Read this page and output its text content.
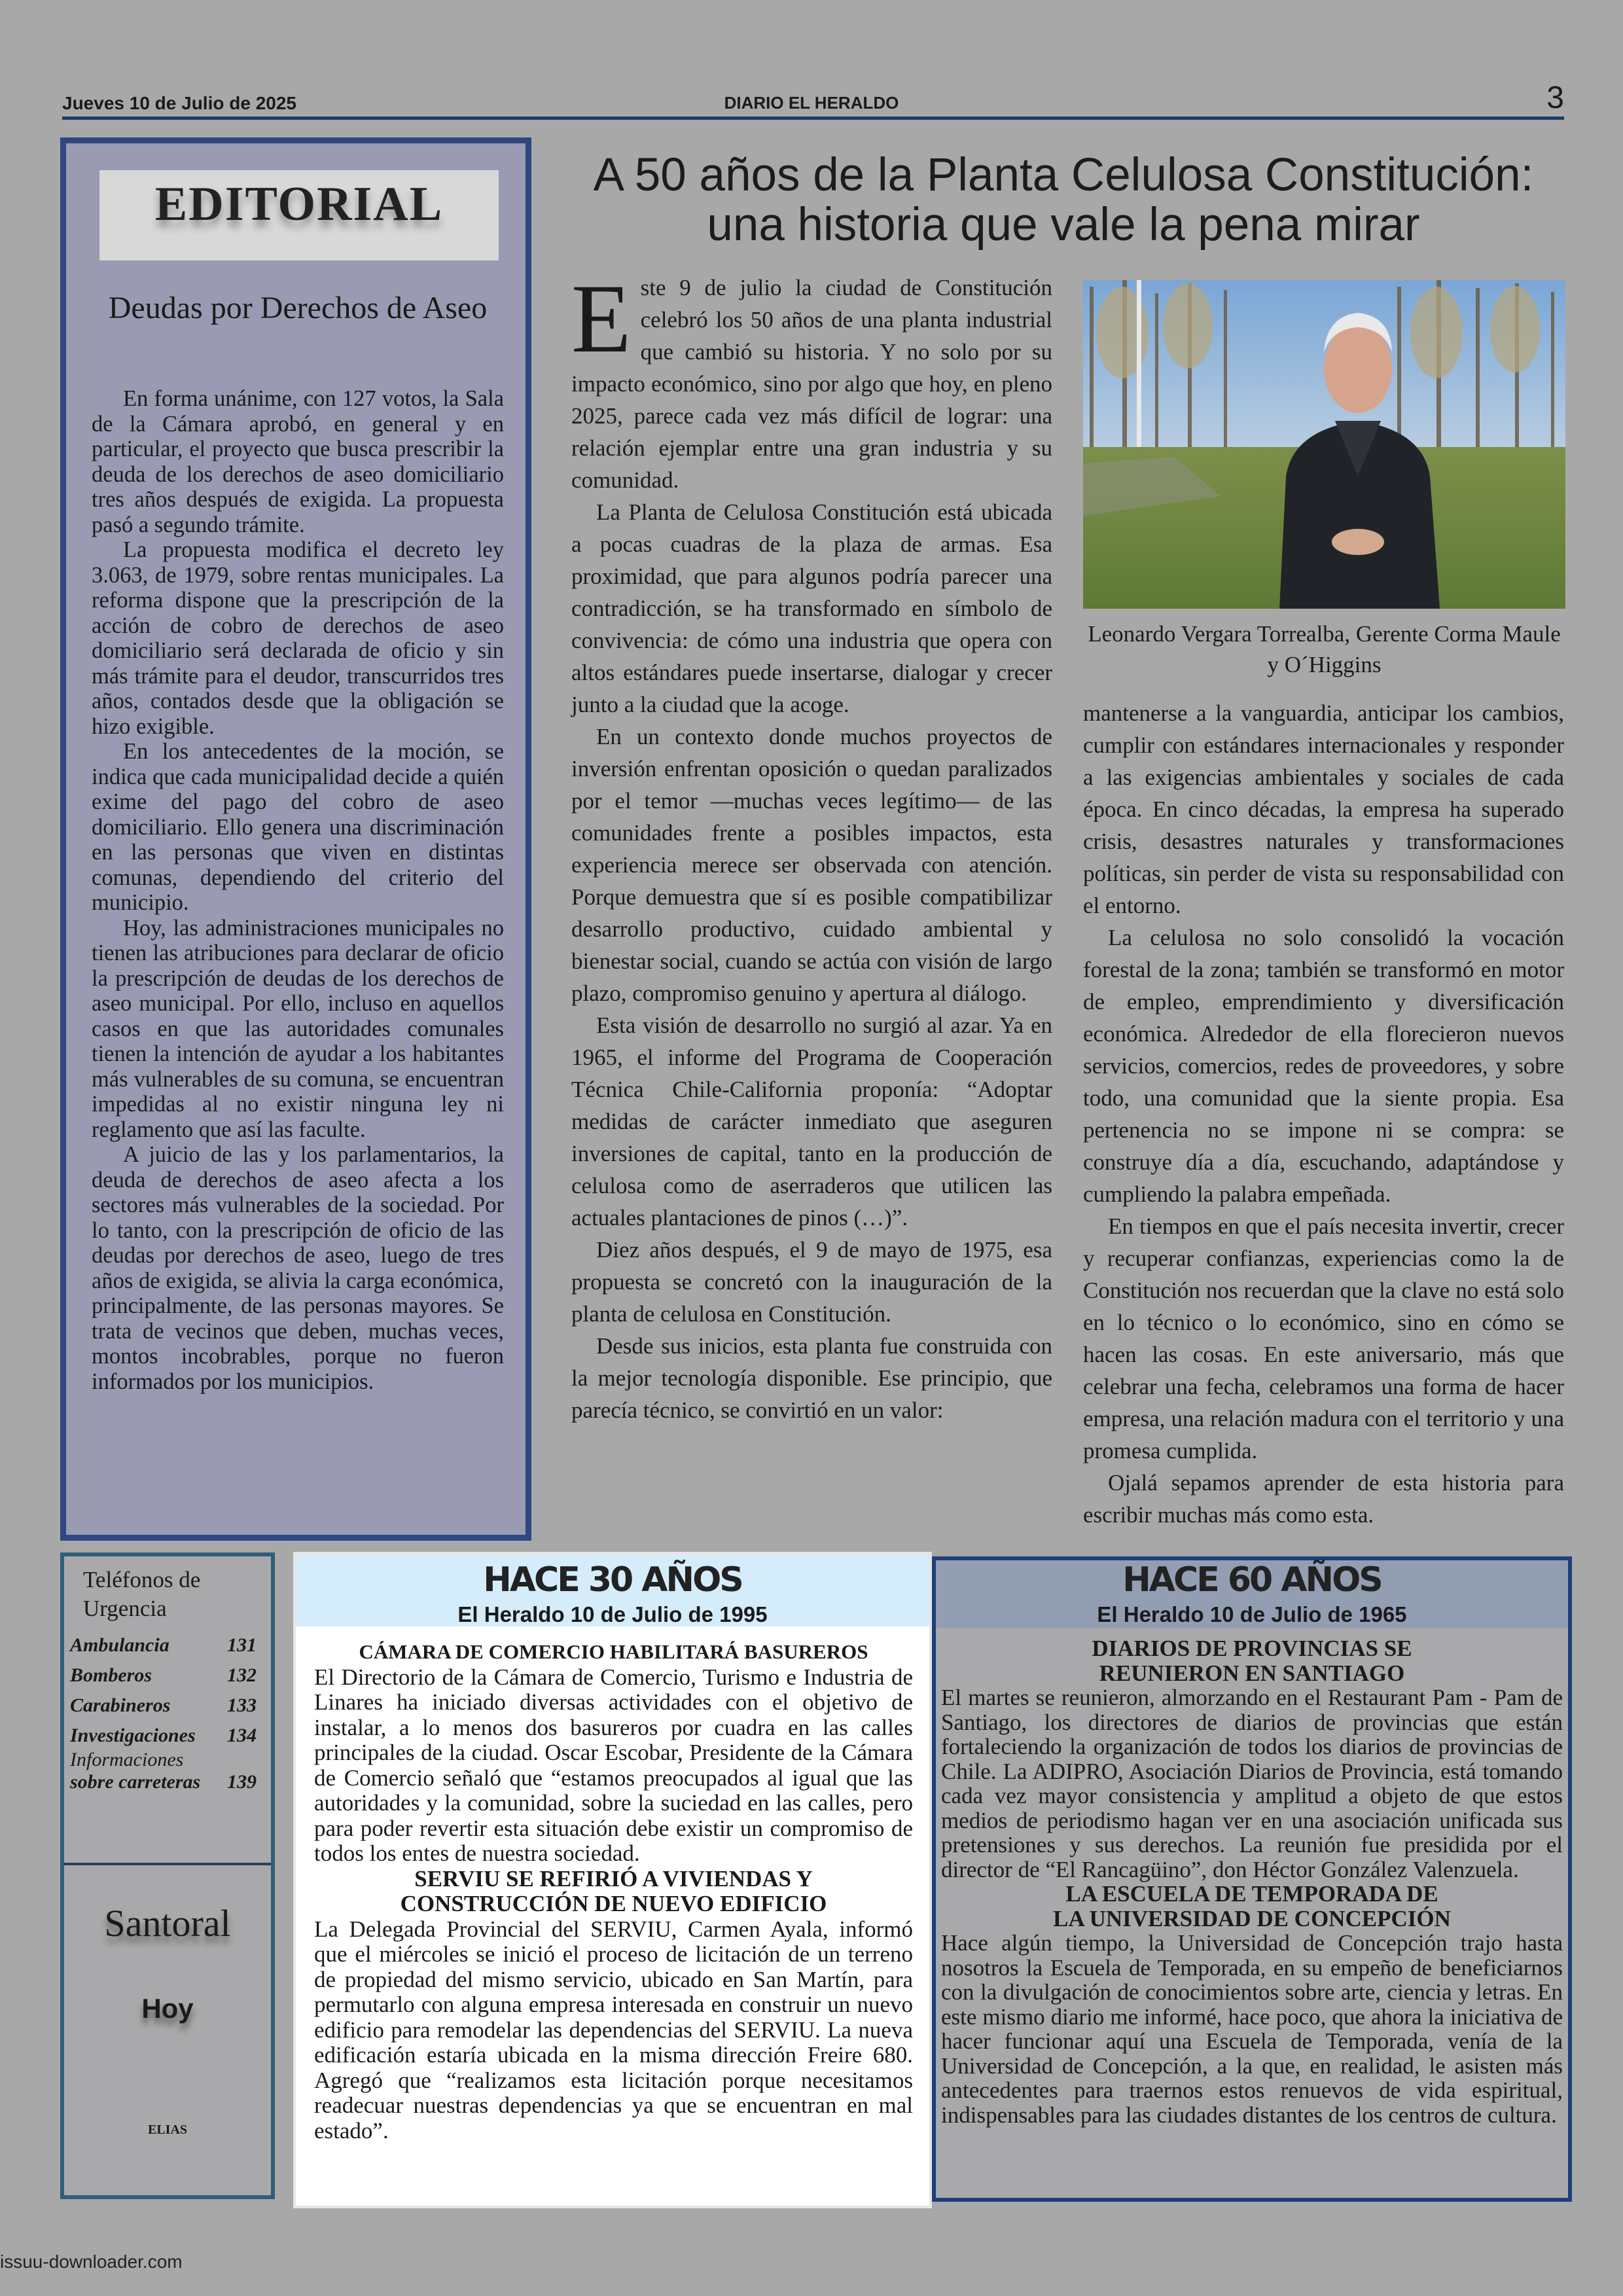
Jueves 10 de Julio de 2025	DIARIO EL HERALDO	3
EDITORIAL
Deudas por Derechos de Aseo

En forma unánime, con 127 votos, la Sala de la Cámara aprobó, en general y en particular, el proyecto que busca prescribir la deuda de los derechos de aseo domiciliario tres años después de exigida. La propuesta pasó a segundo trámite.

La propuesta modifica el decreto ley 3.063, de 1979, sobre rentas municipales. La reforma dispone que la prescripción de la acción de cobro de derechos de aseo domiciliario será declarada de oficio y sin más trámite para el deudor, transcurridos tres años, contados desde que la obligación se hizo exigible.

En los antecedentes de la moción, se indica que cada municipalidad decide a quién exime del pago del cobro de aseo domiciliario. Ello genera una discriminación en las personas que viven en distintas comunas, dependiendo del criterio del municipio.

Hoy, las administraciones municipales no tienen las atribuciones para declarar de oficio la prescripción de deudas de los derechos de aseo municipal. Por ello, incluso en aquellos casos en que las autoridades comunales tienen la intención de ayudar a los habitantes más vulnerables de su comuna, se encuentran impedidas al no existir ninguna ley ni reglamento que así las faculte.

A juicio de las y los parlamentarios, la deuda de derechos de aseo afecta a los sectores más vulnerables de la sociedad. Por lo tanto, con la prescripción de oficio de las deudas por derechos de aseo, luego de tres años de exigida, se alivia la carga económica, principalmente, de las personas mayores. Se trata de vecinos que deben, muchas veces, montos incobrables, porque no fueron informados por los municipios.

A 50 años de la Planta Celulosa Constitución: una historia que vale la pena mirar

Este 9 de julio la ciudad de Constitución celebró los 50 años de una planta industrial que cambió su historia. Y no solo por su impacto económico, sino por algo que hoy, en pleno 2025, parece cada vez más difícil de lograr: una relación ejemplar entre una gran industria y su comunidad.

La Planta de Celulosa Constitución está ubicada a pocas cuadras de la plaza de armas. Esa proximidad, que para algunos podría parecer una contradicción, se ha transformado en símbolo de convivencia: de cómo una industria que opera con altos estándares puede insertarse, dialogar y crecer junto a la ciudad que la acoge.

En un contexto donde muchos proyectos de inversión enfrentan oposición o quedan paralizados por el temor —muchas veces legítimo— de las comunidades frente a posibles impactos, esta experiencia merece ser observada con atención. Porque demuestra que sí es posible compatibilizar desarrollo productivo, cuidado ambiental y bienestar social, cuando se actúa con visión de largo plazo, compromiso genuino y apertura al diálogo.

Esta visión de desarrollo no surgió al azar. Ya en 1965, el informe del Programa de Cooperación Técnica Chile-California proponía: “Adoptar medidas de carácter inmediato que aseguren inversiones de capital, tanto en la producción de celulosa como de aserraderos que utilicen las actuales plantaciones de pinos (…)”.

Diez años después, el 9 de mayo de 1975, esa propuesta se concretó con la inauguración de la planta de celulosa en Constitución.

Desde sus inicios, esta planta fue construida con la mejor tecnología disponible. Ese principio, que parecía técnico, se convirtió en un valor:

Leonardo Vergara Torrealba, Gerente Corma Maule y O´Higgins

mantenerse a la vanguardia, anticipar los cambios, cumplir con estándares internacionales y responder a las exigencias ambientales y sociales de cada época. En cinco décadas, la empresa ha superado crisis, desastres naturales y transformaciones políticas, sin perder de vista su responsabilidad con el entorno.

La celulosa no solo consolidó la vocación forestal de la zona; también se transformó en motor de empleo, emprendimiento y diversificación económica. Alrededor de ella florecieron nuevos servicios, comercios, redes de proveedores, y sobre todo, una comunidad que la siente propia. Esa pertenencia no se impone ni se compra: se construye día a día, escuchando, adaptándose y cumpliendo la palabra empeñada.

En tiempos en que el país necesita invertir, crecer y recuperar confianzas, experiencias como la de Constitución nos recuerdan que la clave no está solo en lo técnico o lo económico, sino en cómo se hacen las cosas. En este aniversario, más que celebrar una fecha, celebramos una forma de hacer empresa, una relación madura con el territorio y una promesa cumplida.

Ojalá sepamos aprender de esta historia para escribir muchas más como esta.

Teléfonos de Urgencia
Ambulancia	131
Bomberos	132
Carabineros	133
Investigaciones 134
Informaciones
sobre carreteras 139
Santoral
Hoy
ELIAS
HACE 30 AÑOS
El Heraldo 10 de Julio de 1995

CÁMARA DE COMERCIO HABILITARÁ BASUREROS

El Directorio de la Cámara de Comercio, Turismo e Industria de Linares ha iniciado diversas actividades con el objetivo de instalar, a lo menos dos basureros por cuadra en las calles principales de la ciudad. Oscar Escobar, Presidente de la Cámara de Comercio señaló que “estamos preocupados al igual que las autoridades y la comunidad, sobre la suciedad en las calles, pero para poder revertir esta situación debe existir un compromiso de todos los entes de nuestra sociedad.

SERVIU SE REFIRIÓ A VIVIENDAS Y

CONSTRUCCIÓN DE NUEVO EDIFICIO

La Delegada Provincial del SERVIU, Carmen Ayala, informó que el miércoles se inició el proceso de licitación de un terreno de propiedad del mismo servicio, ubicado en San Martín, para permutarlo con alguna empresa interesada en construir un nuevo edificio para remodelar las dependencias del SERVIU. La nueva edificación estaría ubicada en la misma dirección Freire 680. Agregó que “realizamos esta licitación porque necesitamos readecuar nuestras dependencias ya que se encuentran en mal estado”.

HACE 60 AÑOS
El Heraldo 10 de Julio de 1965

DIARIOS DE PROVINCIAS SE

REUNIERON EN SANTIAGO

El martes se reunieron, almorzando en el Restaurant Pam - Pam de Santiago, los directores de diarios de provincias que están fortaleciendo la organización de todos los diarios de provincias de Chile. La ADIPRO, Asociación Diarios de Provincia, está tomando cada vez mayor consistencia y amplitud a objeto de que estos medios de periodismo hagan ver en una asociación unificada sus pretensiones y sus derechos. La reunión fue presidida por el director de “El Rancagüino”, don Héctor González Valenzuela.

LA ESCUELA DE TEMPORADA DE

LA UNIVERSIDAD DE CONCEPCIÓN

Hace algún tiempo, la Universidad de Concepción trajo hasta nosotros la Escuela de Temporada, en su empeño de beneficiarnos con la divulgación de conocimientos sobre arte, ciencia y letras. En este mismo diario me informé, hace poco, que ahora la iniciativa de hacer funcionar aquí una Escuela de Temporada, venía de la Universidad de Concepción, a la que, en realidad, le asisten más antecedentes para traernos estos renuevos de vida espiritual, indispensables para las ciudades distantes de los centros de cultura.

issuu-downloader.com
